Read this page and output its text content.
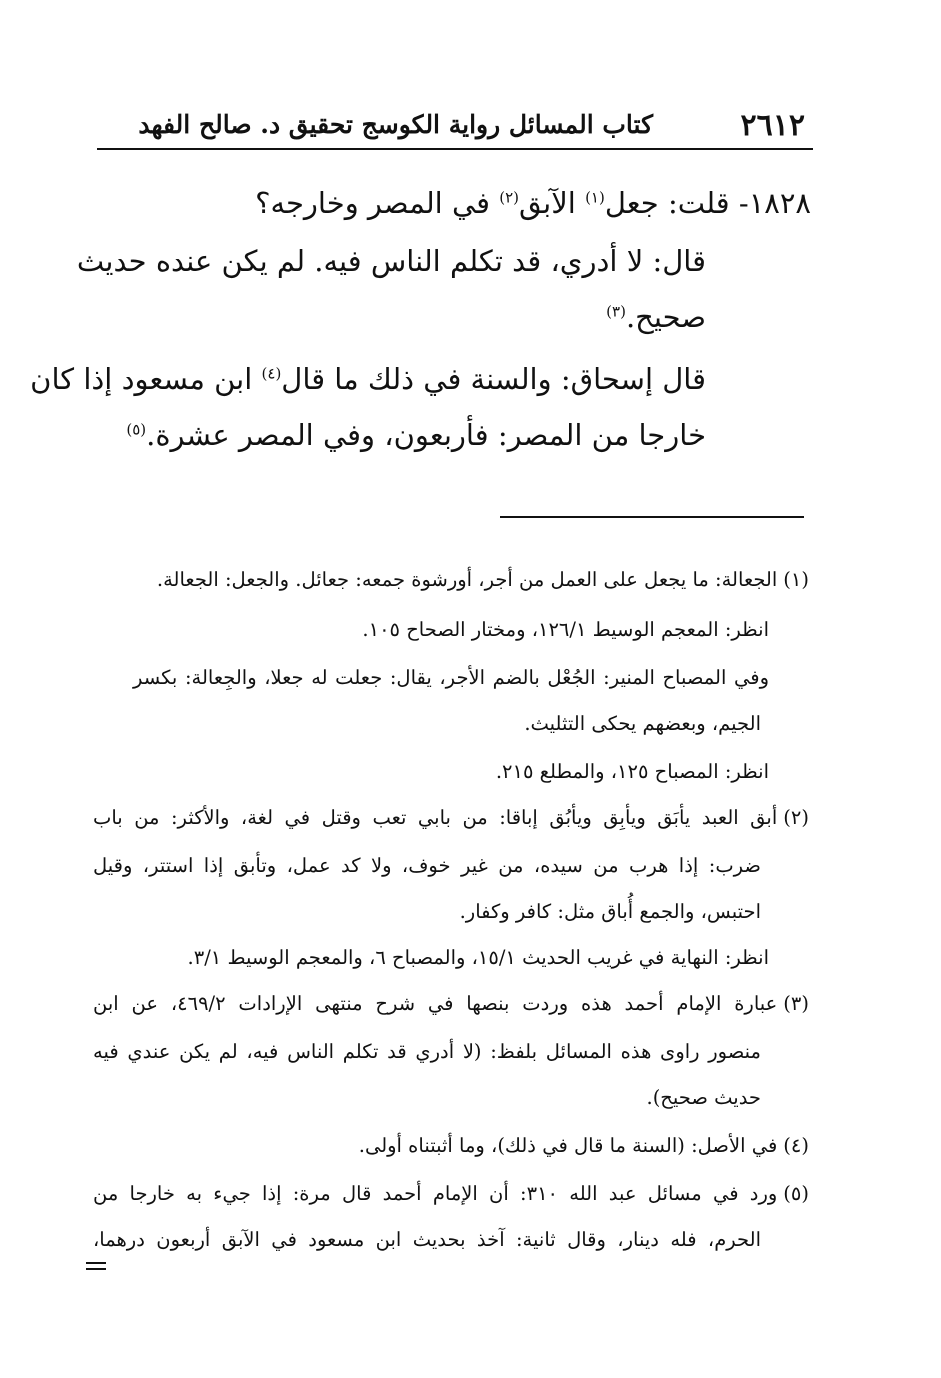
٢٦١٢
كتاب المسائل رواية الكوسج تحقيق د. صالح الفهد
١٨٢٨- قلت: جعل$^{(١)}$ الآبق$^{(٢)}$ في المصر وخارجه؟
قال: لا أدري، قد تكلم الناس فيه. لم يكن عنده حديث
صحيح.$^{(٣)}$
قال إسحاق: والسنة في ذلك ما قال$^{(٤)}$ ابن مسعود إذا كان
خارجا من المصر: فأربعون، وفي المصر عشرة.$^{(٥)}$
(١)الجعالة: ما يجعل على العمل من أجر، أورشوة جمعه: جعائل. والجعل: الجعالة.
انظر: المعجم الوسيط ١٢٦/١، ومختار الصحاح ١٠٥.
وفي المصباح المنير: الجُعْل بالضم الأجر، يقال: جعلت له جعلا، والجِعالة: بكسر
الجيم، وبعضهم يحكى التثليث.
انظر: المصباح ١٢٥، والمطلع ٢١٥.
(٢)أبق العبد يأبَق ويأبِق ويأبُق إباقا: من بابي تعب وقتل في لغة، والأكثر: من باب
ضرب: إذا هرب من سيده، من غير خوف، ولا كد عمل، وتأبق إذا استتر، وقيل
احتبس، والجمع أُباق مثل: كافر وكفار.
انظر: النهاية في غريب الحديث ١٥/١، والمصباح ٦، والمعجم الوسيط ٣/١.
(٣)عبارة الإمام أحمد هذه وردت بنصها في شرح منتهى الإرادات ٤٦٩/٢، عن ابن
منصور راوى هذه المسائل بلفظ: (لا أدري قد تكلم الناس فيه، لم يكن عندي فيه
حديث صحيح).
(٤)في الأصل: (السنة ما قال في ذلك)، وما أثبتناه أولى.
(٥)ورد في مسائل عبد الله ٣١٠: أن الإمام أحمد قال مرة: إذا جيء به خارجا من
الحرم، فله دينار، وقال ثانية: آخذ بحديث ابن مسعود في الآبق أربعون درهما،
